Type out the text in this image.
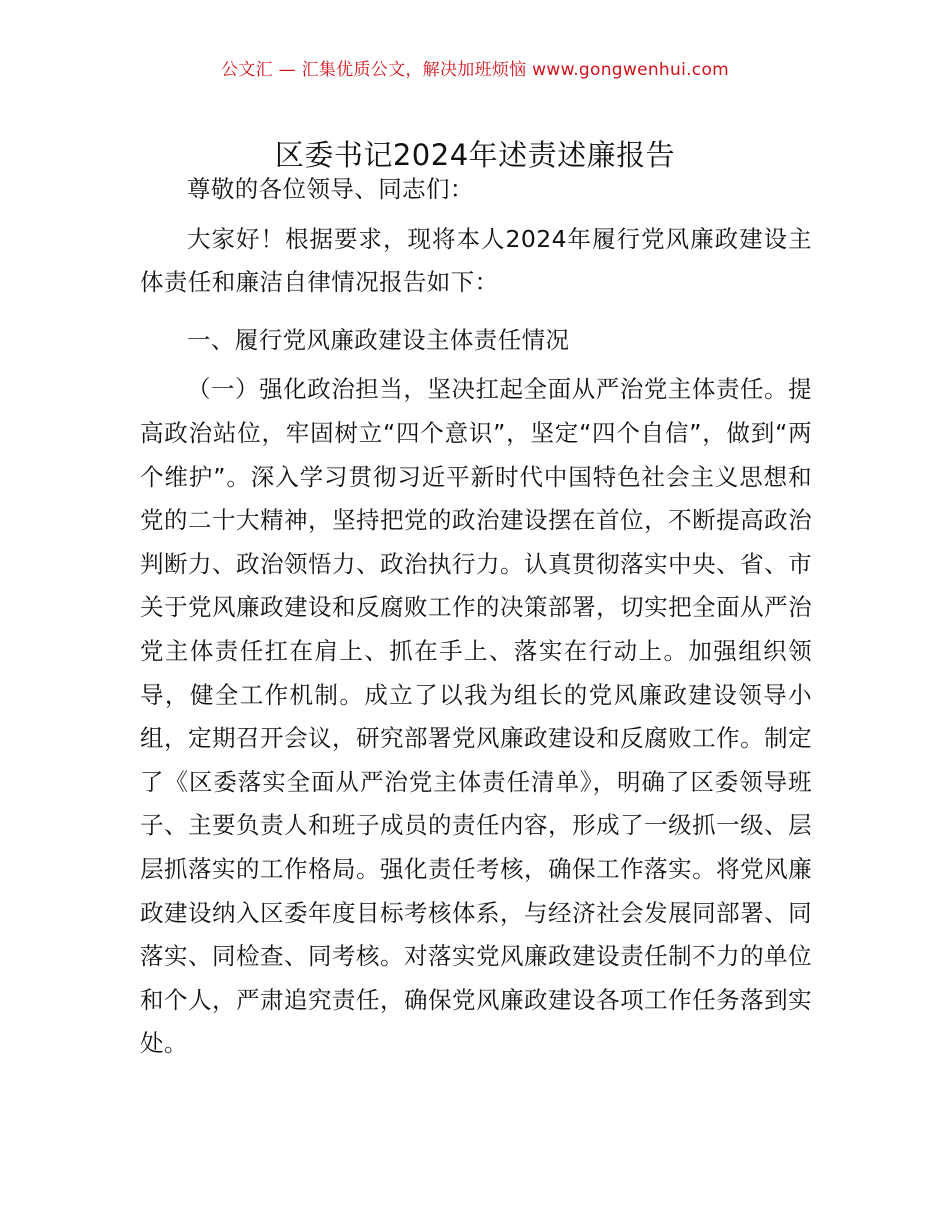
公文汇 — 汇集优质公文，解决加班烦恼 www.gongwenhui.com
区委书记2024年述责述廉报告

尊敬的各位领导、同志们：

大家好！根据要求，现将本人2024年履行党风廉政建设主体责任和廉洁自律情况报告如下：

一、履行党风廉政建设主体责任情况

（一）强化政治担当，坚决扛起全面从严治党主体责任。提高政治站位，牢固树立“四个意识”，坚定“四个自信”，做到“两个维护”。深入学习贯彻习近平新时代中国特色社会主义思想和党的二十大精神，坚持把党的政治建设摆在首位，不断提高政治判断力、政治领悟力、政治执行力。认真贯彻落实中央、省、市关于党风廉政建设和反腐败工作的决策部署，切实把全面从严治党主体责任扛在肩上、抓在手上、落实在行动上。加强组织领导，健全工作机制。成立了以我为组长的党风廉政建设领导小组，定期召开会议，研究部署党风廉政建设和反腐败工作。制定了《区委落实全面从严治党主体责任清单》，明确了区委领导班子、主要负责人和班子成员的责任内容，形成了一级抓一级、层层抓落实的工作格局。强化责任考核，确保工作落实。将党风廉政建设纳入区委年度目标考核体系，与经济社会发展同部署、同落实、同检查、同考核。对落实党风廉政建设责任制不力的单位和个人，严肃追究责任，确保党风廉政建设各项工作任务落到实处。
